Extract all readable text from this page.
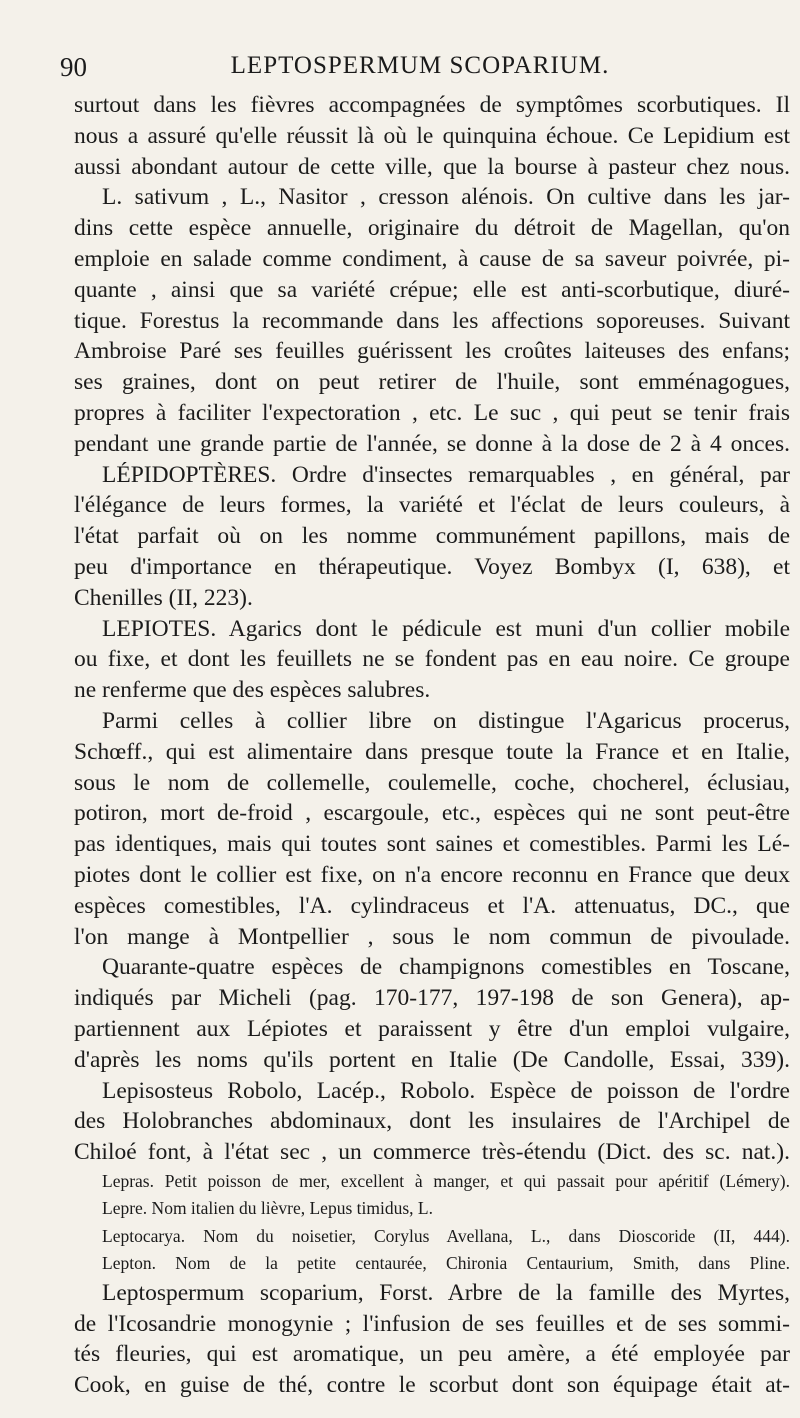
90	LEPTOSPERMUM SCOPARIUM.
surtout dans les fièvres accompagnées de symptômes scorbutiques. Il
nous a assuré qu'elle réussit là où le quinquina échoue. Ce Lepidium est
aussi abondant autour de cette ville, que la bourse à pasteur chez nous.
L. sativum , L., Nasitor , cresson alénois. On cultive dans les jar-
dins cette espèce annuelle, originaire du détroit de Magellan, qu'on
emploie en salade comme condiment, à cause de sa saveur poivrée, pi-
quante , ainsi que sa variété crépue; elle est anti-scorbutique, diuré-
tique. Forestus la recommande dans les affections soporeuses. Suivant
Ambroise Paré ses feuilles guérissent les croûtes laiteuses des enfans;
ses graines, dont on peut retirer de l'huile, sont emménagogues,
propres à faciliter l'expectoration , etc. Le suc , qui peut se tenir frais
pendant une grande partie de l'année, se donne à la dose de 2 à 4 onces.
LÉPIDOPTÈRES. Ordre d'insectes remarquables , en général, par
l'élégance de leurs formes, la variété et l'éclat de leurs couleurs, à
l'état parfait où on les nomme communément papillons, mais de
peu d'importance en thérapeutique. Voyez Bombyx (I, 638), et
Chenilles (II, 223).
LEPIOTES. Agarics dont le pédicule est muni d'un collier mobile
ou fixe, et dont les feuillets ne se fondent pas en eau noire. Ce groupe
ne renferme que des espèces salubres.
Parmi celles à collier libre on distingue l'Agaricus procerus,
Schœff., qui est alimentaire dans presque toute la France et en Italie,
sous le nom de collemelle, coulemelle, coche, chocherel, éclusiau,
potiron, mort de-froid , escargoule, etc., espèces qui ne sont peut-être
pas identiques, mais qui toutes sont saines et comestibles. Parmi les Lé-
piotes dont le collier est fixe, on n'a encore reconnu en France que deux
espèces comestibles, l'A. cylindraceus et l'A. attenuatus, DC., que
l'on mange à Montpellier , sous le nom commun de pivoulade.
Quarante-quatre espèces de champignons comestibles en Toscane,
indiqués par Micheli (pag. 170-177, 197-198 de son Genera), ap-
partiennent aux Lépiotes et paraissent y être d'un emploi vulgaire,
d'après les noms qu'ils portent en Italie (De Candolle, Essai, 339).
Lepisosteus Robolo, Lacép., Robolo. Espèce de poisson de l'ordre
des Holobranches abdominaux, dont les insulaires de l'Archipel de
Chiloé font, à l'état sec , un commerce très-étendu (Dict. des sc. nat.).
Lepras. Petit poisson de mer, excellent à manger, et qui passait pour apéritif (Lémery).
Lepre. Nom italien du lièvre, Lepus timidus, L.
Leptocarya. Nom du noisetier, Corylus Avellana, L., dans Dioscoride (II, 444).
Lepton. Nom de la petite centaurée, Chironia Centaurium, Smith, dans Pline.
Leptospermum scoparium, Forst. Arbre de la famille des Myrtes,
de l'Icosandrie monogynie ; l'infusion de ses feuilles et de ses sommi-
tés fleuries, qui est aromatique, un peu amère, a été employée par
Cook, en guise de thé, contre le scorbut dont son équipage était at-
